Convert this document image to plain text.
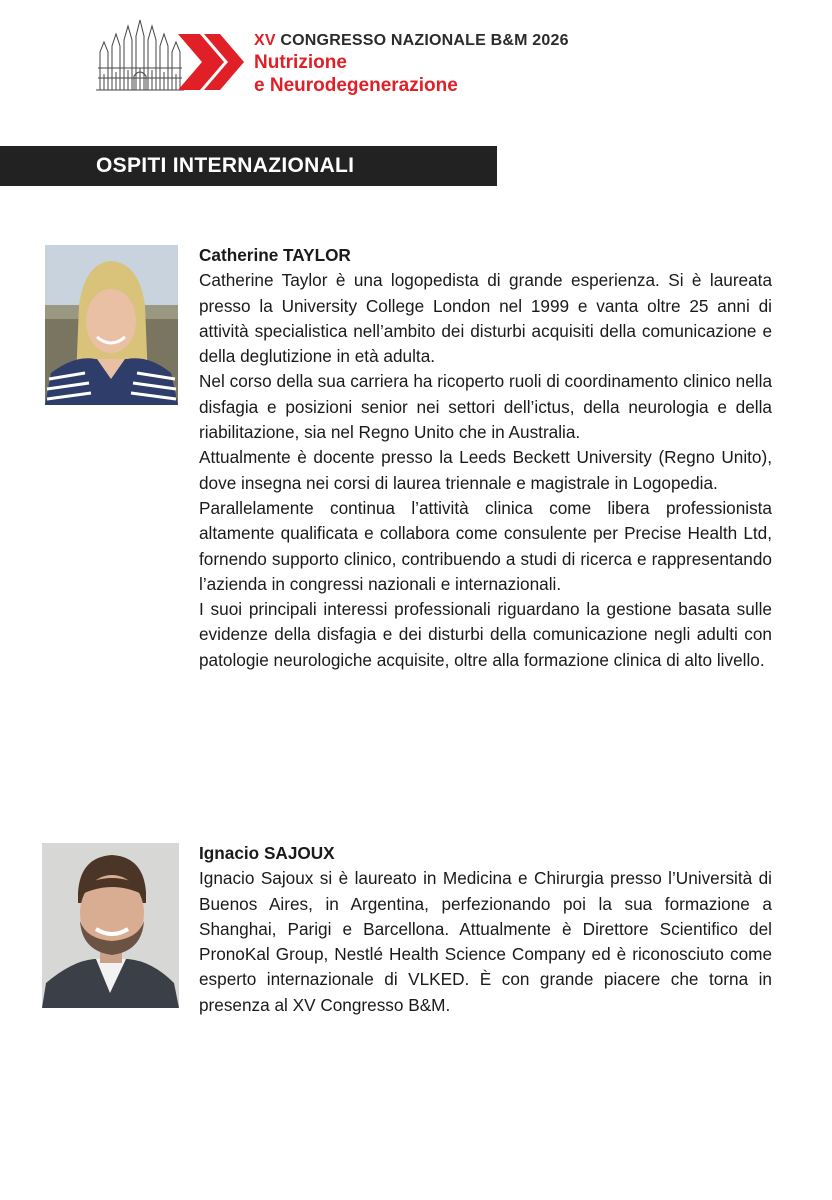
XV CONGRESSO NAZIONALE B&M 2026
Nutrizione
e Neurodegenerazione
OSPITI INTERNAZIONALI
Catherine TAYLOR

Catherine Taylor è una logopedista di grande esperienza. Si è laureata presso la University College London nel 1999 e vanta oltre 25 anni di attività specialistica nell’ambito dei disturbi acquisiti della comunicazione e della deglutizione in età adulta.

Nel corso della sua carriera ha ricoperto ruoli di coordinamento clinico nella disfagia e posizioni senior nei settori dell’ictus, della neurologia e della riabilitazione, sia nel Regno Unito che in Australia.

Attualmente è docente presso la Leeds Beckett University (Regno Unito), dove insegna nei corsi di laurea triennale e magistrale in Logopedia.

Parallelamente continua l’attività clinica come libera professionista altamente qualificata e collabora come consulente per Precise Health Ltd, fornendo supporto clinico, contribuendo a studi di ricerca e rappresentando l’azienda in congressi nazionali e internazionali.

I suoi principali interessi professionali riguardano la gestione basata sulle evidenze della disfagia e dei disturbi della comunicazione negli adulti con patologie neurologiche acquisite, oltre alla formazione clinica di alto livello.

Ignacio SAJOUX

Ignacio Sajoux si è laureato in Medicina e Chirurgia presso l’Università di Buenos Aires, in Argentina, perfezionando poi la sua formazione a Shanghai, Parigi e Barcellona. Attualmente è Direttore Scientifico del PronoKal Group, Nestlé Health Science Company ed è riconosciuto come esperto internazionale di VLKED. È con grande piacere che torna in presenza al XV Congresso B&M.
